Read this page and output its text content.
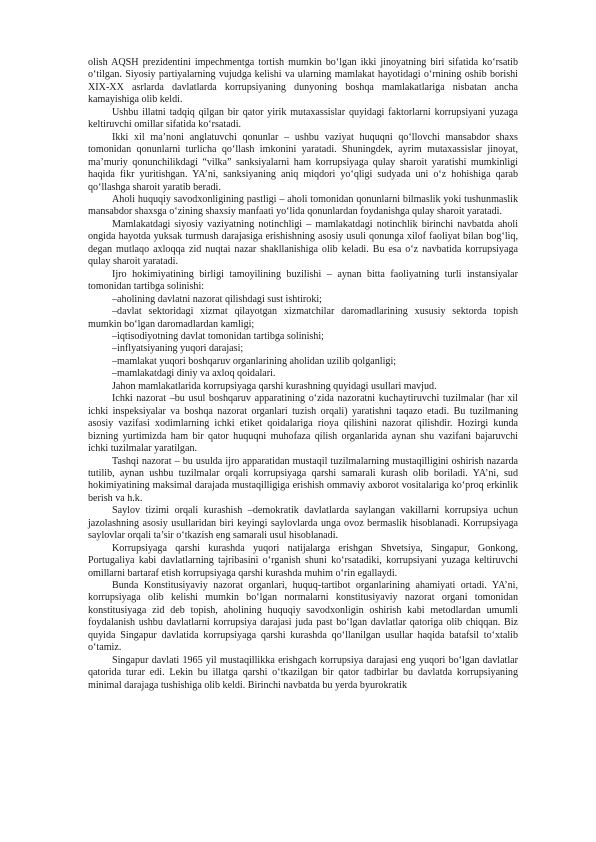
olish AQSH prezidentini impechmentga tortish mumkin bo‘lgan ikki jinoyatning biri sifatida ko‘rsatib o‘tilgan. Siyosiy partiyalarning vujudga kelishi va ularning mamlakat hayotidagi o‘rnining oshib borishi XIX-XX asrlarda davlatlarda korrupsiyaning dunyoning boshqa mamlakatlariga nisbatan ancha kamayishiga olib keldi.

Ushbu illatni tadqiq qilgan bir qator yirik mutaxassislar quyidagi faktorlarni korrupsiyani yuzaga keltiruvchi omillar sifatida ko‘rsatadi.

Ikki xil ma’noni anglatuvchi qonunlar – ushbu vaziyat huquqni qo‘llovchi mansabdor shaxs tomonidan qonunlarni turlicha qo‘llash imkonini yaratadi. Shuningdek, ayrim mutaxassislar jinoyat, ma’muriy qonunchilikdagi “vilka” sanksiyalarni ham korrupsiyaga qulay sharoit yaratishi mumkinligi haqida fikr yuritishgan. YA’ni, sanksiyaning aniq miqdori yo‘qligi sudyada uni o‘z hohishiga qarab qo‘llashga sharoit yaratib beradi.

Aholi huquqiy savodxonligining pastligi – aholi tomonidan qonunlarni bilmaslik yoki tushunmaslik mansabdor shaxsga o‘zining shaxsiy manfaati yo‘lida qonunlardan foydanishga qulay sharoit yaratadi.

Mamlakatdagi siyosiy vaziyatning notinchligi – mamlakatdagi notinchlik birinchi navbatda aholi ongida hayotda yuksak turmush darajasiga erishishning asosiy usuli qonunga xilof faoliyat bilan bog‘liq, degan mutlaqo axloqqa zid nuqtai nazar shakllanishiga olib keladi. Bu esa o‘z navbatida korrupsiyaga qulay sharoit yaratadi.

Ijro hokimiyatining birligi tamoyilining buzilishi – aynan bitta faoliyatning turli instansiyalar tomonidan tartibga solinishi:

–aholining davlatni nazorat qilishdagi sust ishtiroki;

–davlat sektoridagi xizmat qilayotgan xizmatchilar daromadlarining xususiy sektorda topish mumkin bo‘lgan daromadlardan kamligi;

–iqtisodiyotning davlat tomonidan tartibga solinishi;

–inflyatsiyaning yuqori darajasi;

–mamlakat yuqori boshqaruv organlarining aholidan uzilib qolganligi;

–mamlakatdagi diniy va axloq qoidalari.

Jahon mamlakatlarida korrupsiyaga qarshi kurashning quyidagi usullari mavjud.

Ichki nazorat –bu usul boshqaruv apparatining o‘zida nazoratni kuchaytiruvchi tuzilmalar (har xil ichki inspeksiyalar va boshqa nazorat organlari tuzish orqali) yaratishni taqazo etadi. Bu tuzilmaning asosiy vazifasi xodimlarning ichki etiket qoidalariga rioya qilishini nazorat qilishdir. Hozirgi kunda bizning yurtimizda ham bir qator huquqni muhofaza qilish organlarida aynan shu vazifani bajaruvchi ichki tuzilmalar yaratilgan.

Tashqi nazorat – bu usulda ijro apparatidan mustaqil tuzilmalarning mustaqilligini oshirish nazarda tutilib, aynan ushbu tuzilmalar orqali korrupsiyaga qarshi samarali kurash olib boriladi. YA’ni, sud hokimiyatining maksimal darajada mustaqilligiga erishish ommaviy axborot vositalariga ko‘proq erkinlik berish va h.k.

Saylov tizimi orqali kurashish –demokratik davlatlarda saylangan vakillarni korrupsiya uchun jazolashning asosiy usullaridan biri keyingi saylovlarda unga ovoz bermaslik hisoblanadi. Korrupsiyaga saylovlar orqali ta’sir o‘tkazish eng samarali usul hisoblanadi.

Korrupsiyaga qarshi kurashda yuqori natijalarga erishgan Shvetsiya, Singapur, Gonkong, Portugaliya kabi davlatlarning tajribasini o‘rganish shuni ko‘rsatadiki, korrupsiyani yuzaga keltiruvchi omillarni bartaraf etish korrupsiyaga qarshi kurashda muhim o‘rin egallaydi.

Bunda Konstitusiyaviy nazorat organlari, huquq-tartibot organlarining ahamiyati ortadi. YA’ni, korrupsiyaga olib kelishi mumkin bo‘lgan normalarni konstitusiyaviy nazorat organi tomonidan konstitusiyaga zid deb topish, aholining huquqiy savodxonligin oshirish kabi metodlardan umumli foydalanish ushbu davlatlarni korrupsiya darajasi juda past bo‘lgan davlatlar qatoriga olib chiqqan. Biz quyida Singapur davlatida korrupsiyaga qarshi kurashda qo‘llanilgan usullar haqida batafsil to‘xtalib o‘tamiz.

Singapur davlati 1965 yil mustaqillikka erishgach korrupsiya darajasi eng yuqori bo‘lgan davlatlar qatorida turar edi. Lekin bu illatga qarshi o‘tkazilgan bir qator tadbirlar bu davlatda korrupsiyaning minimal darajaga tushishiga olib keldi. Birinchi navbatda bu yerda byurokratik
